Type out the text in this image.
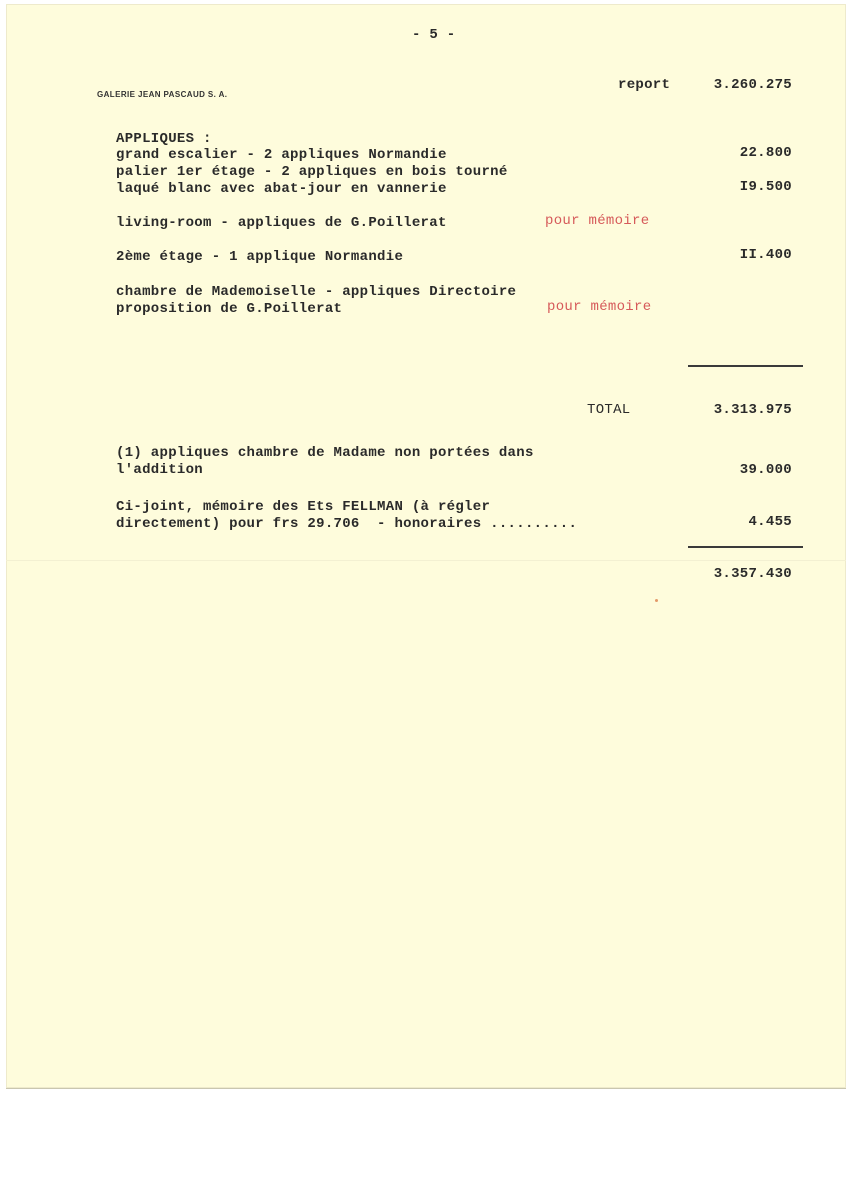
- 5 -
GALERIE JEAN PASCAUD S. A.
report	3.260.275
APPLIQUES :
grand escalier - 2 appliques Normandie	22.800
palier 1er étage - 2 appliques en bois tourné
laqué blanc avec abat-jour en vannerie	I9.500
living-room - appliques de G.Poillerat	pour mémoire
2ème étage - 1 applique Normandie	II.400
chambre de Mademoiselle - appliques Directoire
proposition de G.Poillerat	pour mémoire
TOTAL	3.313.975
(1) appliques chambre de Madame non portées dans
l'addition	39.000
Ci-joint, mémoire des Ets FELLMAN (à régler
directement) pour frs 29.706  - honoraires ..........	4.455
3.357.430
